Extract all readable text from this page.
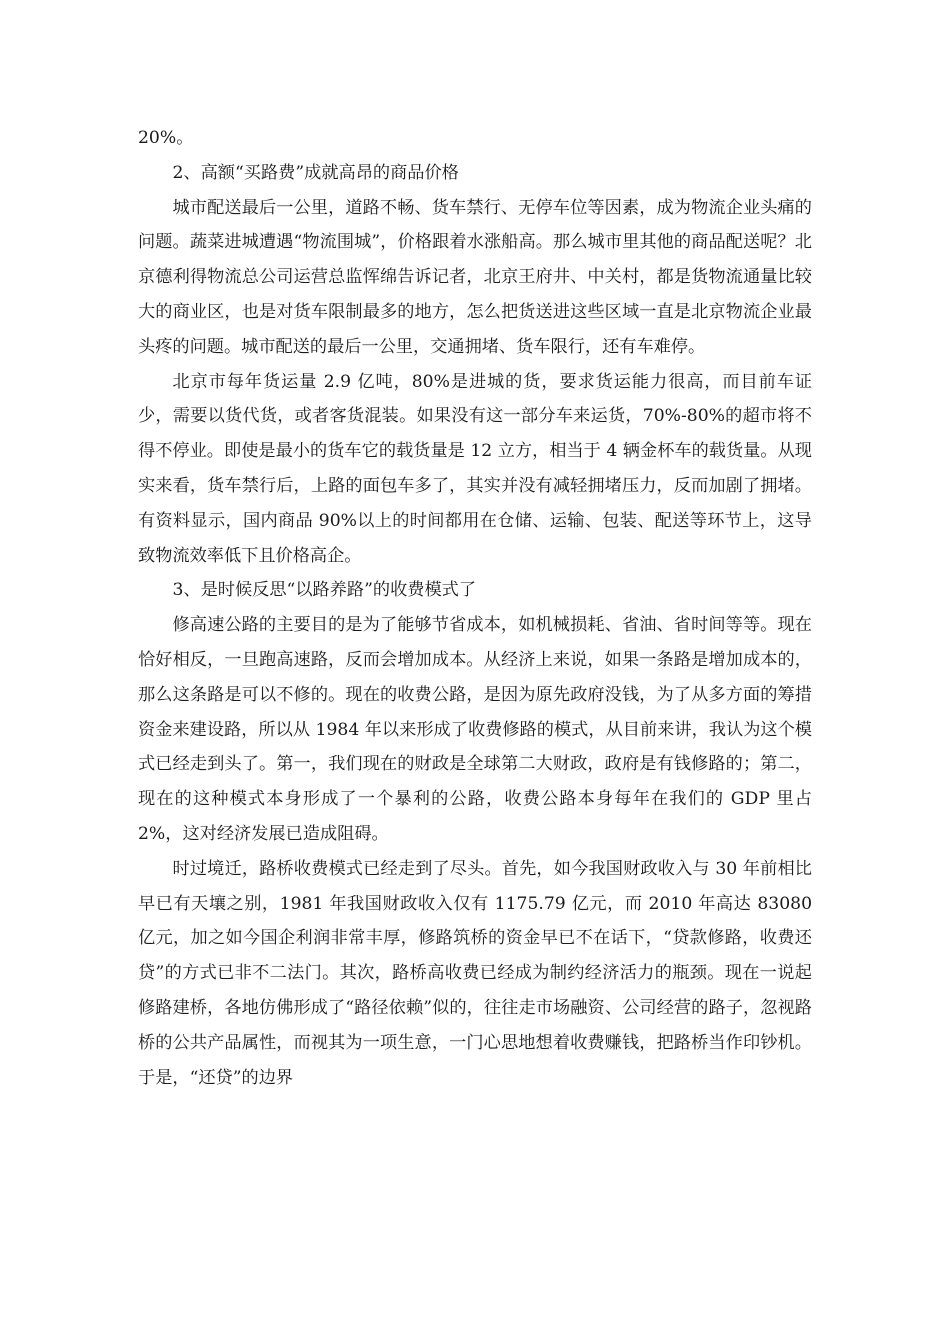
20%。

2、高额“买路费”成就高昂的商品价格

城市配送最后一公里，道路不畅、货车禁行、无停车位等因素，成为物流企业头痛的问题。蔬菜进城遭遇“物流围城”，价格跟着水涨船高。那么城市里其他的商品配送呢？北京德利得物流总公司运营总监恽绵告诉记者，北京王府井、中关村，都是货物流通量比较大的商业区，也是对货车限制最多的地方，怎么把货送进这些区域一直是北京物流企业最头疼的问题。城市配送的最后一公里，交通拥堵、货车限行，还有车难停。

北京市每年货运量 2.9 亿吨，80%是进城的货，要求货运能力很高，而目前车证少，需要以货代货，或者客货混装。如果没有这一部分车来运货，70%-80%的超市将不得不停业。即使是最小的货车它的载货量是 12 立方，相当于 4 辆金杯车的载货量。从现实来看，货车禁行后，上路的面包车多了，其实并没有减轻拥堵压力，反而加剧了拥堵。有资料显示，国内商品 90%以上的时间都用在仓储、运输、包装、配送等环节上，这导致物流效率低下且价格高企。

3、是时候反思“以路养路”的收费模式了

修高速公路的主要目的是为了能够节省成本，如机械损耗、省油、省时间等等。现在恰好相反，一旦跑高速路，反而会增加成本。从经济上来说，如果一条路是增加成本的，那么这条路是可以不修的。现在的收费公路，是因为原先政府没钱，为了从多方面的筹措资金来建设路，所以从 1984 年以来形成了收费修路的模式，从目前来讲，我认为这个模式已经走到头了。第一，我们现在的财政是全球第二大财政，政府是有钱修路的；第二，现在的这种模式本身形成了一个暴利的公路，收费公路本身每年在我们的 GDP 里占 2%，这对经济发展已造成阻碍。

时过境迁，路桥收费模式已经走到了尽头。首先，如今我国财政收入与 30 年前相比早已有天壤之别，1981 年我国财政收入仅有 1175.79 亿元，而 2010 年高达 83080 亿元，加之如今国企利润非常丰厚，修路筑桥的资金早已不在话下，“贷款修路，收费还贷”的方式已非不二法门。其次，路桥高收费已经成为制约经济活力的瓶颈。现在一说起修路建桥，各地仿佛形成了“路径依赖”似的，往往走市场融资、公司经营的路子，忽视路桥的公共产品属性，而视其为一项生意，一门心思地想着收费赚钱，把路桥当作印钞机。于是，“还贷”的边界
